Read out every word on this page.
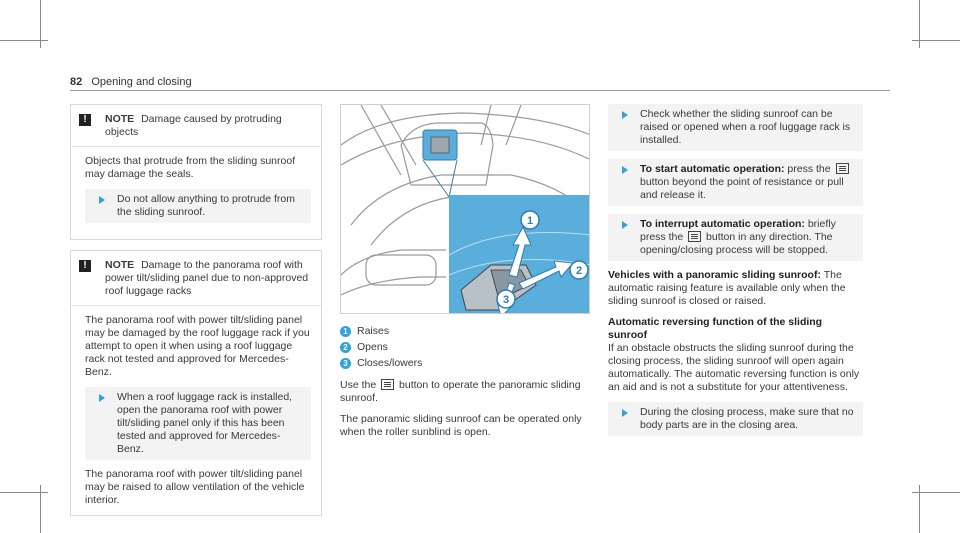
82 Opening and closing
!	NOTE Damage caused by protruding objects

Objects that protrude from the sliding sunroof may damage the seals.

Do not allow anything to protrude from the sliding sunroof.
!	NOTE Damage to the panorama roof with power tilt/sliding panel due to non-approved roof luggage racks

The panorama roof with power tilt/sliding panel may be damaged by the roof luggage rack if you attempt to open it when using a roof luggage rack not tested and approved for Mercedes-Benz.

When a roof luggage rack is installed, open the panorama roof with power tilt/sliding panel only if this has been tested and approved for Mercedes-Benz.

The panorama roof with power tilt/sliding panel may be raised to allow ventilation of the vehicle interior.

1
2
3
1 Raises
2 Opens
3 Closes/lowers

Use the button to operate the panoramic sliding sunroof.

The panoramic sliding sunroof can be operated only when the roller sunblind is open.

Check whether the sliding sunroof can be raised or opened when a roof luggage rack is installed.
To start automatic operation: press the  button beyond the point of resistance or pull and release it.
To interrupt automatic operation: briefly press the button in any direction. The opening/closing process will be stopped.

Vehicles with a panoramic sliding sunroof: The automatic raising feature is available only when the sliding sunroof is closed or raised.

Automatic reversing function of the sliding sunroof
If an obstacle obstructs the sliding sunroof during the closing process, the sliding sunroof will open again automatically. The automatic reversing function is only an aid and is not a substitute for your attentiveness.

During the closing process, make sure that no body parts are in the closing area.
